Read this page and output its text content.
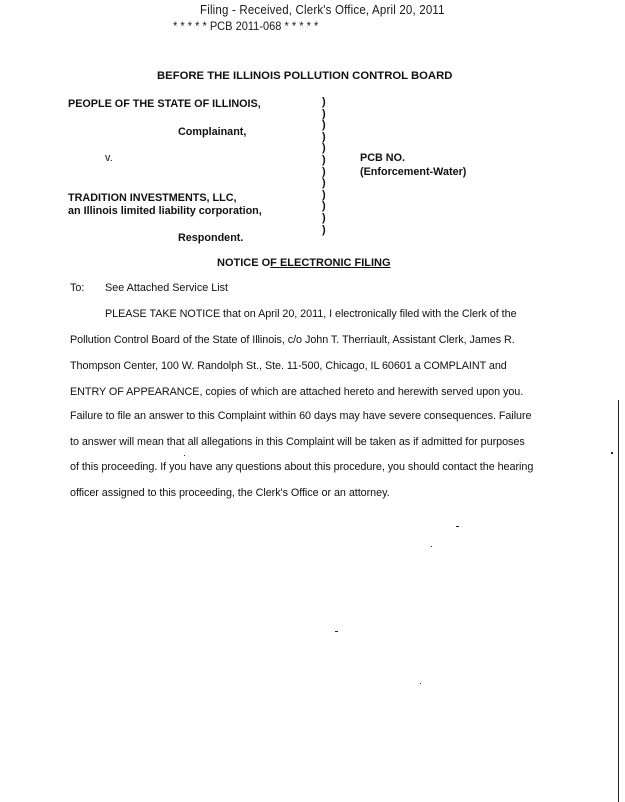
Filing - Received, Clerk's Office, April 20, 2011
* * * * * PCB 2011-068 * * * * *
BEFORE THE ILLINOIS POLLUTION CONTROL BOARD
PEOPLE OF THE STATE OF ILLINOIS,
Complainant,
v.
TRADITION INVESTMENTS, LLC,
an Illinois limited liability corporation,
Respondent.
)
)
)
)
)
)
)
)
)
)
)
)
PCB NO.
(Enforcement-Water)
NOTICE OF ELECTRONIC FILING
To: See Attached Service List
PLEASE TAKE NOTICE that on April 20, 2011, I electronically filed with the Clerk of the
Pollution Control Board of the State of Illinois, c/o John T. Therriault, Assistant Clerk, James R.
Thompson Center, 100 W. Randolph St., Ste. 11-500, Chicago, IL 60601 a COMPLAINT and
ENTRY OF APPEARANCE, copies of which are attached hereto and herewith served upon you.
Failure to file an answer to this Complaint within 60 days may have severe consequences. Failure
to answer will mean that all allegations in this Complaint will be taken as if admitted for purposes
of this proceeding. If you have any questions about this procedure, you should contact the hearing
officer assigned to this proceeding, the Clerk's Office or an attorney.
